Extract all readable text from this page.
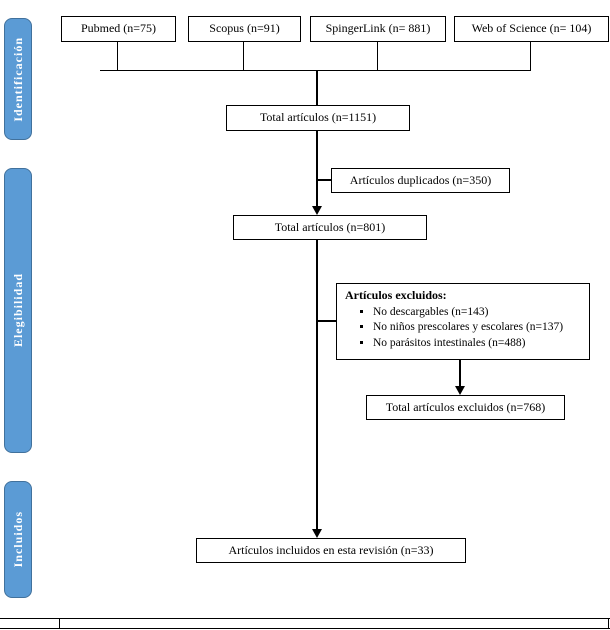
Identificación
Elegibilidad
Incluidos
Pubmed (n=75)	Scopus (n=91)	SpingerLink (n= 881)	Web of Science (n= 104)
Total artículos (n=1151)
Artículos duplicados (n=350)
Total artículos (n=801)
Artículos excluidos:
▪ No descargables (n=143)
▪ No niños prescolares y escolares (n=137)
▪ No parásitos intestinales (n=488)
Total artículos excluidos (n=768)
Artículos incluidos en esta revisión (n=33)
